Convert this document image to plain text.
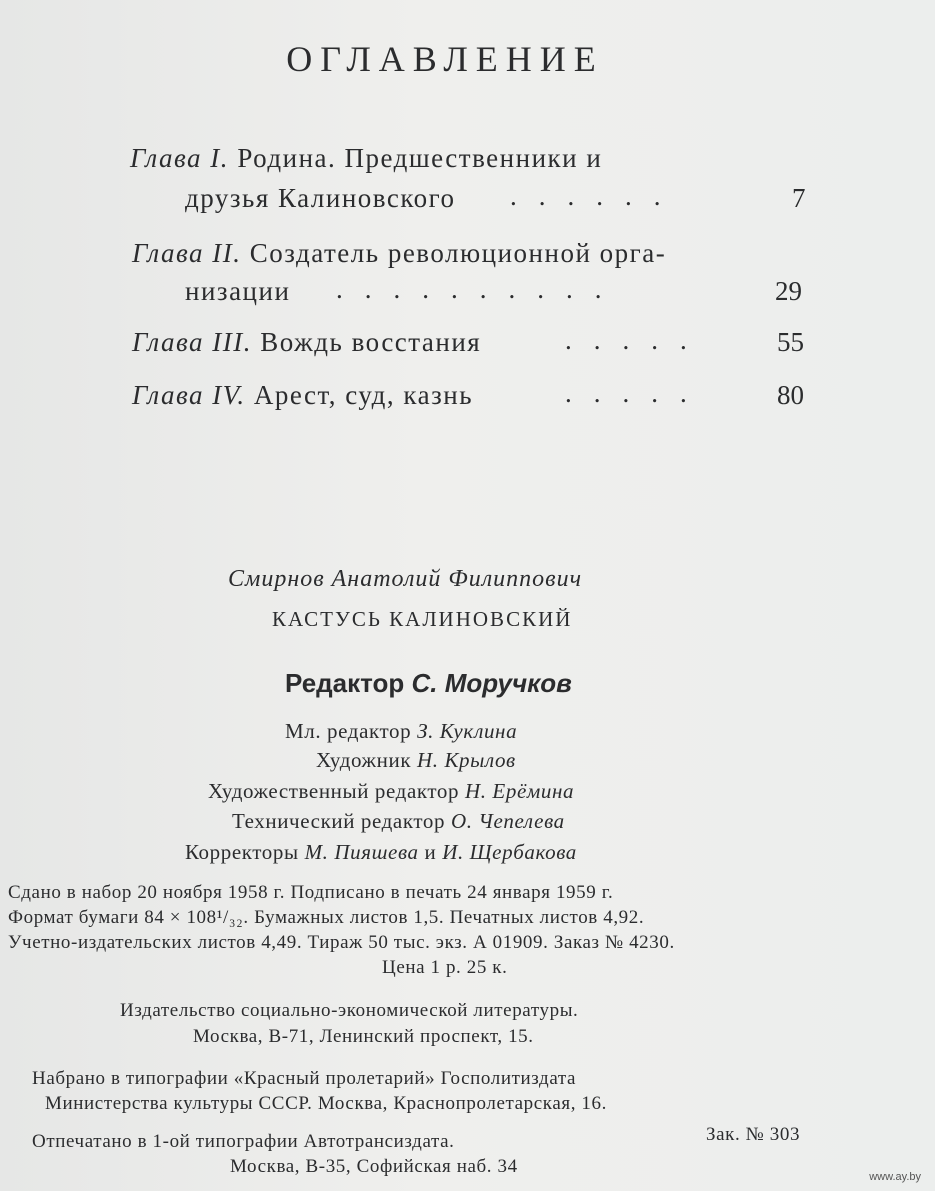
ОГЛАВЛЕНИЕ
Глава I. Родина. Предшественники и
друзья Калиновского ......	7
Глава II. Создатель революционной орга-
низации ..........	29
Глава III. Вождь восстания	.....	55
Глава IV. Арест, суд, казнь	.....	80
Смирнов Анатолий Филиппович
КАСТУСЬ КАЛИНОВСКИЙ
Редактор С. Моручков
Мл. редактор З. Куклина
Художник Н. Крылов
Художественный редактор Н. Ерёмина
Технический редактор О. Чепелева
Корректоры М. Пияшева и И. Щербакова
Сдано в набор 20 ноября 1958 г. Подписано в печать 24 января 1959 г.
Формат бумаги 84 × 108¹/₃₂. Бумажных листов 1,5. Печатных листов 4,92.
Учетно-издательских листов 4,49. Тираж 50 тыс. экз. А 01909. Заказ № 4230.
Цена 1 р. 25 к.
Издательство социально-экономической литературы.
Москва, В-71, Ленинский проспект, 15.
Набрано в типографии «Красный пролетарий» Госполитиздата
Министерства культуры СССР. Москва, Краснопролетарская, 16.
Отпечатано в 1-ой типографии Автотрансиздата.	Зак. № 303
Москва, В-35, Софийская наб. 34	www.ay.by
